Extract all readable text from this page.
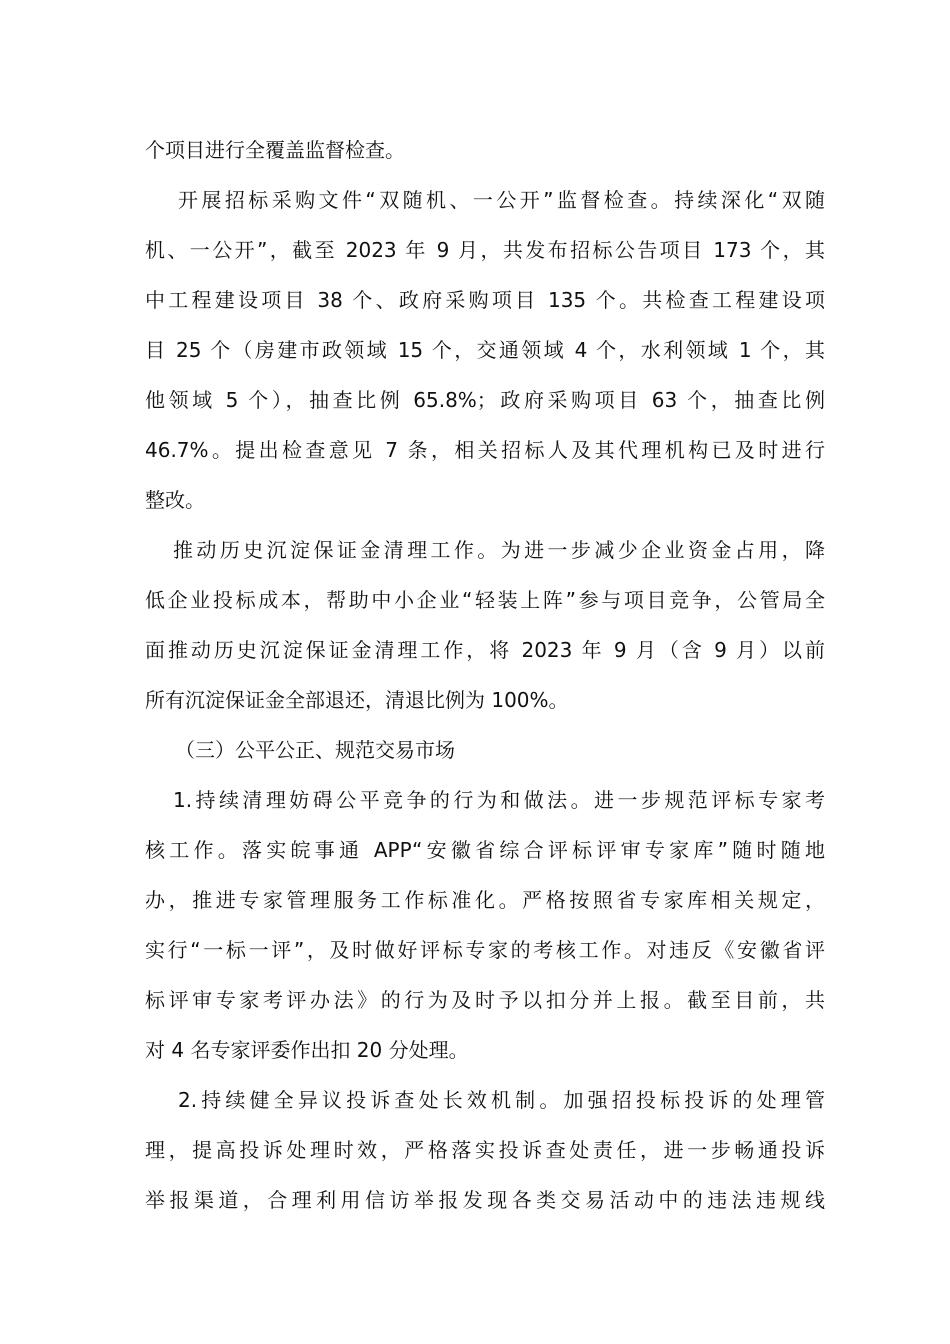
个项目进行全覆盖监督检查。
开展招标采购文件“双随机、一公开”监督检查。持续深化“双随
机、一公开”，截至 2023 年 9 月，共发布招标公告项目 173 个，其
中工程建设项目 38 个、政府采购项目 135 个。共检查工程建设项
目 25 个（房建市政领域 15 个，交通领域 4 个，水利领域 1 个，其
他领域 5 个），抽查比例 65.8%；政府采购项目 63 个，抽查比例
46.7%。提出检查意见 7 条，相关招标人及其代理机构已及时进行
整改。
推动历史沉淀保证金清理工作。为进一步减少企业资金占用，降
低企业投标成本，帮助中小企业“轻装上阵”参与项目竞争，公管局全
面推动历史沉淀保证金清理工作，将 2023 年 9 月（含 9 月）以前
所有沉淀保证金全部退还，清退比例为 100%。
（三）公平公正、规范交易市场
1.持续清理妨碍公平竞争的行为和做法。进一步规范评标专家考
核工作。落实皖事通 APP“安徽省综合评标评审专家库”随时随地
办，推进专家管理服务工作标准化。严格按照省专家库相关规定，
实行“一标一评”，及时做好评标专家的考核工作。对违反《安徽省评
标评审专家考评办法》的行为及时予以扣分并上报。截至目前，共
对 4 名专家评委作出扣 20 分处理。
2.持续健全异议投诉查处长效机制。加强招投标投诉的处理管
理，提高投诉处理时效，严格落实投诉查处责任，进一步畅通投诉
举报渠道，合理利用信访举报发现各类交易活动中的违法违规线
